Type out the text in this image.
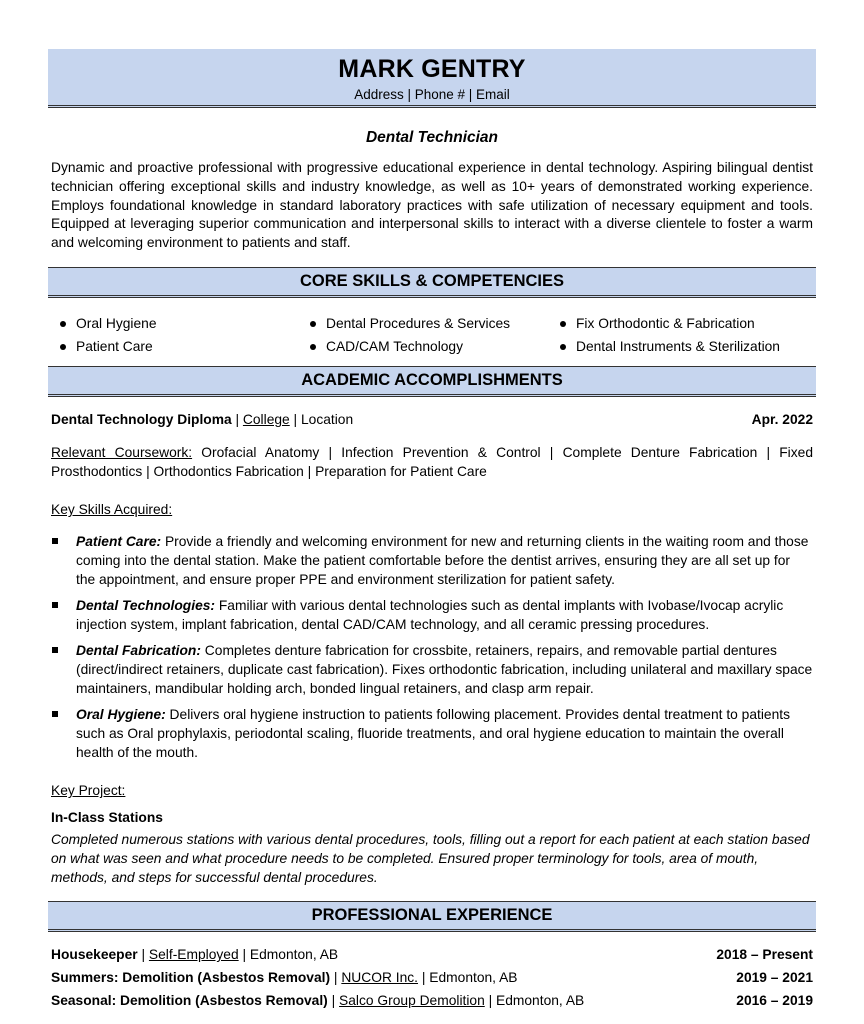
MARK GENTRY
Address | Phone # | Email
Dental Technician
Dynamic and proactive professional with progressive educational experience in dental technology. Aspiring bilingual dentist technician offering exceptional skills and industry knowledge, as well as 10+ years of demonstrated working experience. Employs foundational knowledge in standard laboratory practices with safe utilization of necessary equipment and tools. Equipped at leveraging superior communication and interpersonal skills to interact with a diverse clientele to foster a warm and welcoming environment to patients and staff.
CORE SKILLS & COMPETENCIES
Oral Hygiene
Patient Care
Dental Procedures & Services
CAD/CAM Technology
Fix Orthodontic & Fabrication
Dental Instruments & Sterilization
ACADEMIC ACCOMPLISHMENTS
Dental Technology Diploma | College | Location	Apr. 2022
Relevant Coursework: Orofacial Anatomy | Infection Prevention & Control | Complete Denture Fabrication | Fixed Prosthodontics | Orthodontics Fabrication | Preparation for Patient Care
Key Skills Acquired:
Patient Care: Provide a friendly and welcoming environment for new and returning clients in the waiting room and those coming into the dental station. Make the patient comfortable before the dentist arrives, ensuring they are all set up for the appointment, and ensure proper PPE and environment sterilization for patient safety.
Dental Technologies: Familiar with various dental technologies such as dental implants with Ivobase/Ivocap acrylic injection system, implant fabrication, dental CAD/CAM technology, and all ceramic pressing procedures.
Dental Fabrication: Completes denture fabrication for crossbite, retainers, repairs, and removable partial dentures (direct/indirect retainers, duplicate cast fabrication). Fixes orthodontic fabrication, including unilateral and maxillary space maintainers, mandibular holding arch, bonded lingual retainers, and clasp arm repair.
Oral Hygiene: Delivers oral hygiene instruction to patients following placement. Provides dental treatment to patients such as Oral prophylaxis, periodontal scaling, fluoride treatments, and oral hygiene education to maintain the overall health of the mouth.
Key Project:
In-Class Stations
Completed numerous stations with various dental procedures, tools, filling out a report for each patient at each station based on what was seen and what procedure needs to be completed. Ensured proper terminology for tools, area of mouth, methods, and steps for successful dental procedures.
PROFESSIONAL EXPERIENCE
Housekeeper | Self-Employed | Edmonton, AB	2018 – Present
Summers: Demolition (Asbestos Removal) | NUCOR Inc. | Edmonton, AB	2019 – 2021
Seasonal: Demolition (Asbestos Removal) | Salco Group Demolition | Edmonton, AB	2016 – 2019
